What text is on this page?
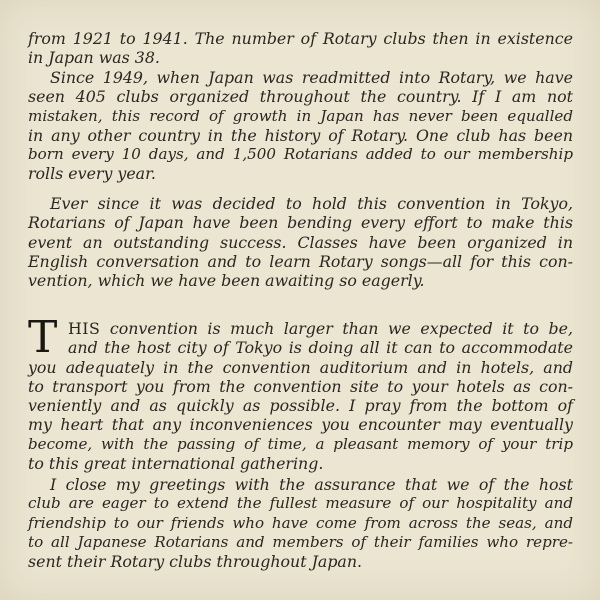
from 1921 to 1941. The number of Rotary clubs then in existence

in Japan was 38.

Since 1949, when Japan was readmitted into Rotary, we have

seen 405 clubs organized throughout the country. If I am not

mistaken, this record of growth in Japan has never been equalled

in any other country in the history of Rotary. One club has been

born every 10 days, and 1,500 Rotarians added to our membership

rolls every year.

Ever since it was decided to hold this convention in Tokyo,

Rotarians of Japan have been bending every effort to make this

event an outstanding success. Classes have been organized in

English conversation and to learn Rotary songs—all for this con-

vention, which we have been awaiting so eagerly.

T HIS convention is much larger than we expected it to be,

and the host city of Tokyo is doing all it can to accommodate

you adequately in the convention auditorium and in hotels, and

to transport you from the convention site to your hotels as con-

veniently and as quickly as possible. I pray from the bottom of

my heart that any inconveniences you encounter may eventually

become, with the passing of time, a pleasant memory of your trip

to this great international gathering.

I close my greetings with the assurance that we of the host

club are eager to extend the fullest measure of our hospitality and

friendship to our friends who have come from across the seas, and

to all Japanese Rotarians and members of their families who repre-

sent their Rotary clubs throughout Japan.
